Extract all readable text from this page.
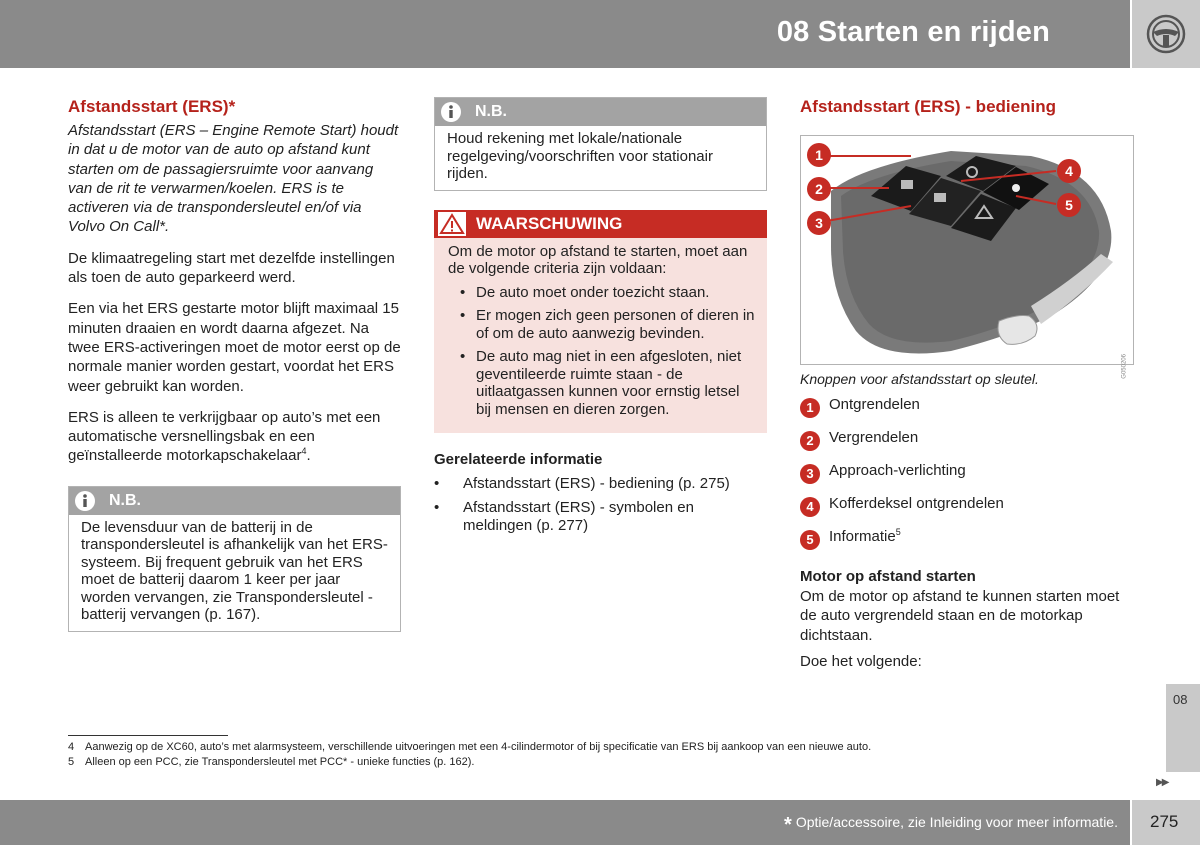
08 Starten en rijden
Afstandsstart (ERS)*
Afstandsstart (ERS – Engine Remote Start) houdt in dat u de motor van de auto op afstand kunt starten om de passagiersruimte voor aanvang van de rit te verwarmen/koelen. ERS is te activeren via de transpondersleutel en/of via Volvo On Call*.

De klimaatregeling start met dezelfde instellingen als toen de auto geparkeerd werd.

Een via het ERS gestarte motor blijft maximaal 15 minuten draaien en wordt daarna afgezet. Na twee ERS-activeringen moet de motor eerst op de normale manier worden gestart, voordat het ERS weer gebruikt kan worden.

ERS is alleen te verkrijgbaar op auto’s met een automatische versnellingsbak en een geïnstalleerde motorkapschakelaar$^4$.

N.B.
De levensduur van de batterij in de transpondersleutel is afhankelijk van het ERS-systeem. Bij frequent gebruik van het ERS moet de batterij daarom 1 keer per jaar worden vervangen, zie Transpondersleutel - batterij vervangen (p. 167).
N.B.
Houd rekening met lokale/nationale regelgeving/voorschriften voor stationair rijden.
WAARSCHUWING
Om de motor op afstand te starten, moet aan de volgende criteria zijn voldaan:
• De auto moet onder toezicht staan.
• Er mogen zich geen personen of dieren in of om de auto aanwezig bevinden.
• De auto mag niet in een afgesloten, niet geventileerde ruimte staan - de uitlaatgassen kunnen voor ernstig letsel bij mensen en dieren zorgen.
Gerelateerde informatie
• Afstandsstart (ERS) - bediening (p. 275)
• Afstandsstart (ERS) - symbolen en meldingen (p. 277)
Afstandsstart (ERS) - bediening
1
2
3
4
5
G050206
Knoppen voor afstandsstart op sleutel.
1	Ontgrendelen
2	Vergrendelen
3	Approach-verlichting
4	Kofferdeksel ontgrendelen
5	Informatie$^5$
Motor op afstand starten

Om de motor op afstand te kunnen starten moet de auto vergrendeld staan en de motorkap dichtstaan.

Doe het volgende:

08
▶▶
4 Aanwezig op de XC60, auto’s met alarmsysteem, verschillende uitvoeringen met een 4-cilindermotor of bij specificatie van ERS bij aankoop van een nieuwe auto.
5 Alleen op een PCC, zie Transpondersleutel met PCC* - unieke functies (p. 162).
* Optie/accessoire, zie Inleiding voor meer informatie. 275
